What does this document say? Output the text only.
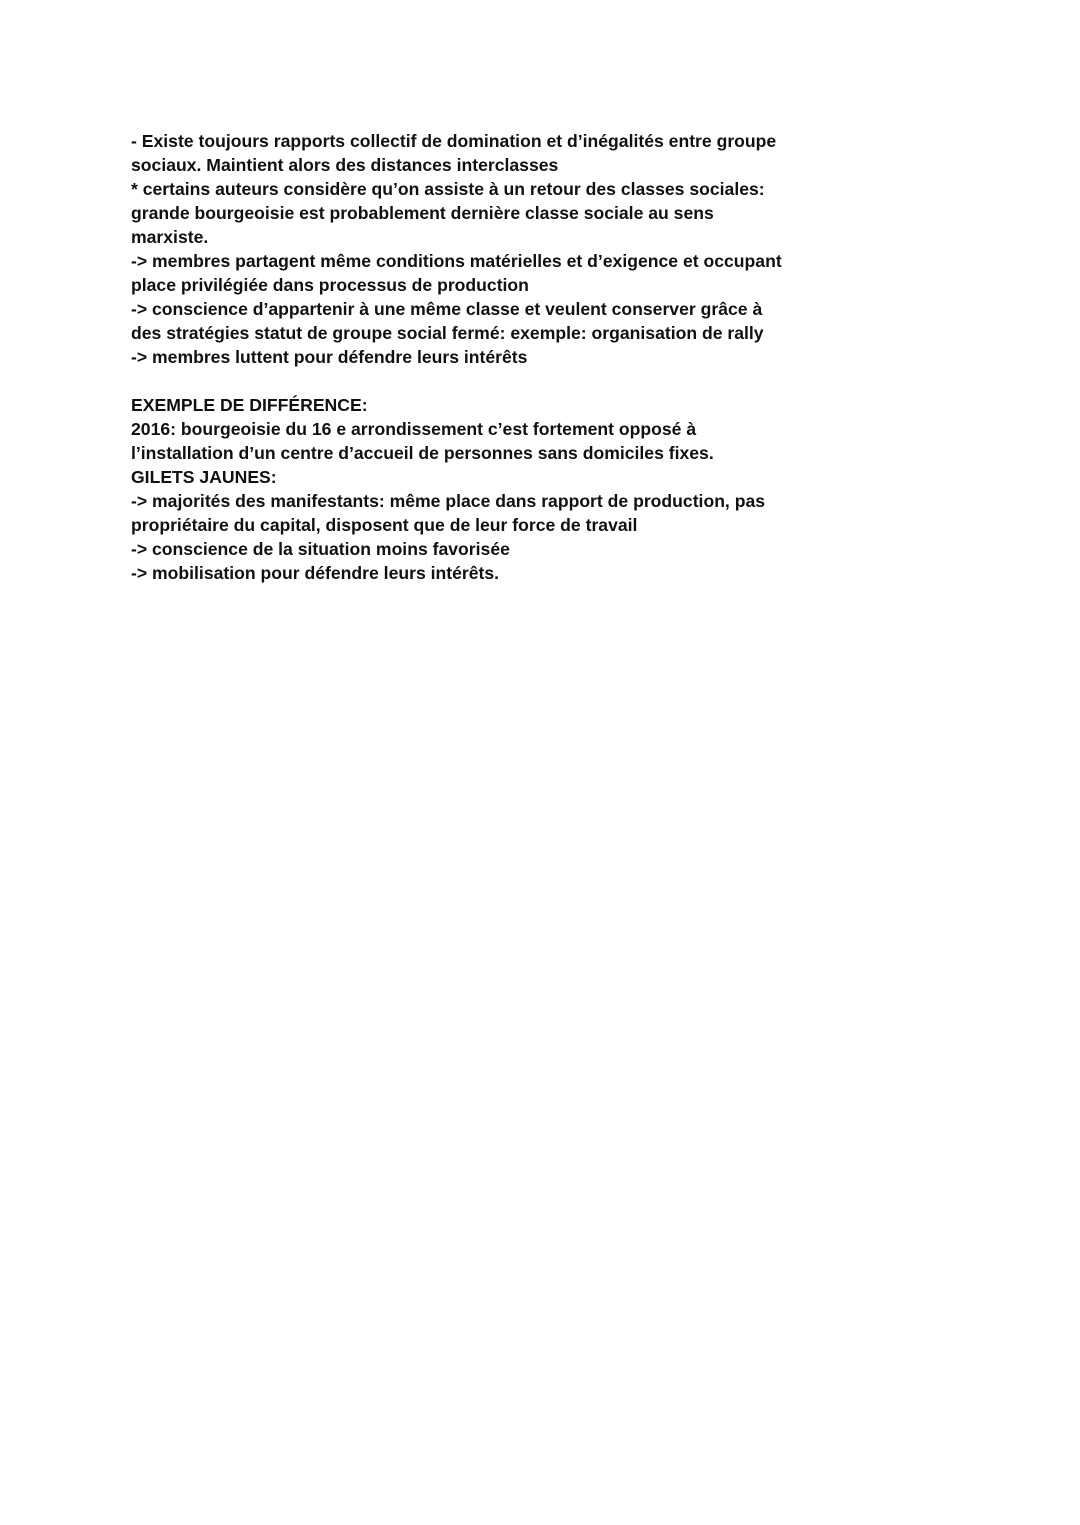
- Existe toujours rapports collectif de domination et d’inégalités entre groupe
sociaux. Maintient alors des distances interclasses
* certains auteurs considère qu’on assiste à un retour des classes sociales:
grande bourgeoisie est probablement dernière classe sociale au sens
marxiste.
-> membres partagent même conditions matérielles et d’exigence et occupant
place privilégiée dans processus de production
-> conscience d’appartenir à une même classe et veulent conserver grâce à
des stratégies statut de groupe social fermé: exemple: organisation de rally
-> membres luttent pour défendre leurs intérêts
EXEMPLE DE DIFFÉRENCE:
2016: bourgeoisie du 16 e arrondissement c’est fortement opposé à
l’installation d’un centre d’accueil de personnes sans domiciles fixes.
GILETS JAUNES:
-> majorités des manifestants: même place dans rapport de production, pas
propriétaire du capital, disposent que de leur force de travail
-> conscience de la situation moins favorisée
-> mobilisation pour défendre leurs intérêts.
